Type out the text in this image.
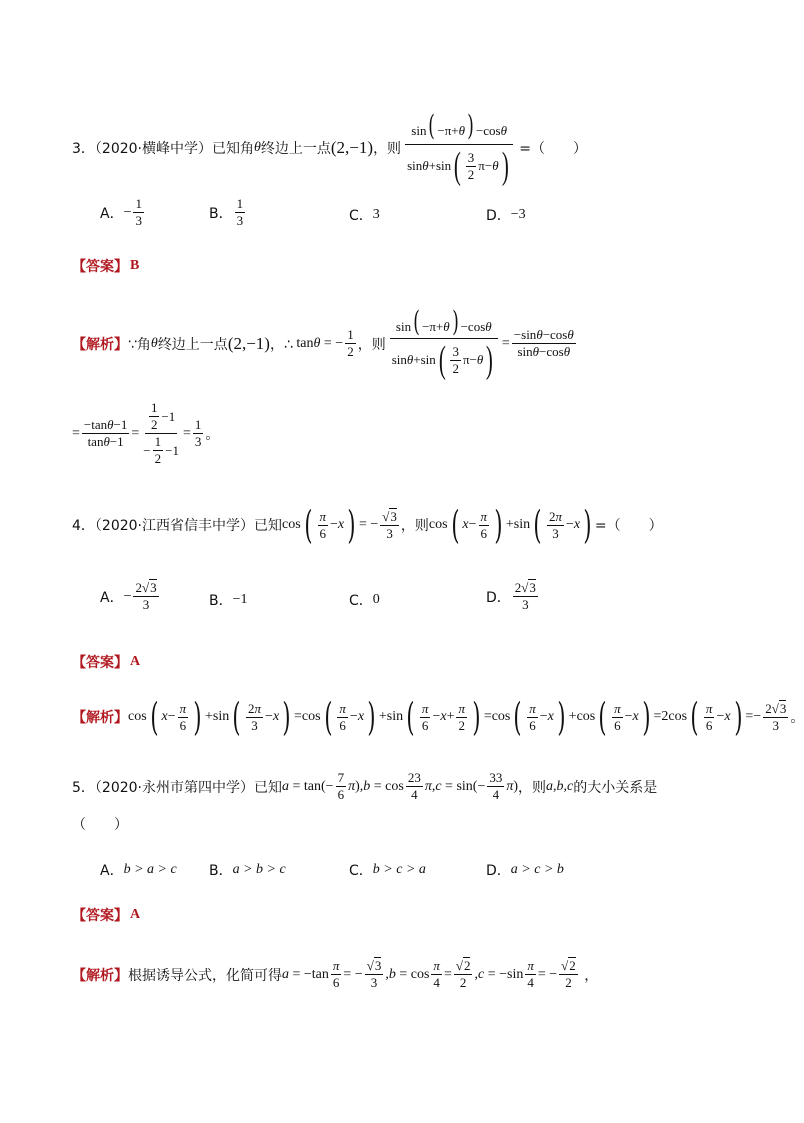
3．（2020·横峰中学）已知角 θ 终边上一点 (2,−1) ，则 $\frac{\sin( -\pi+\theta) -\cos\theta}{\sin \theta +\sin ( \frac{3}{2} \pi- \theta )}$ =（　　）
A． − $\frac{1}{3}$	B． $\frac{1}{3}$	C． 3	D． −3
【答案】 B
【解析】 ∵角 θ 终边上一点 (2,−1) ，∴ tanθ = − $\frac{1}{2}$ ，则 $\frac{\sin( -\pi+\theta) -\cos\theta}{\sin \theta +\sin ( \frac{3}{2} \pi- \theta )} = \frac{-\sin\theta-\cos\theta}{\sin\theta-\cos\theta}$
= $\frac{-\tan\theta-1}{\tan\theta-1} = \frac{\frac{1}{2} -1}{- \frac{1}{2} -1} = \frac{1}{3}$ 。
4．（2020·江西省信丰中学）已知 cos ( $\frac{\pi}{6} -x$ ) = − $\frac{√3}{3}$ ，则 cos ( $x- \frac{\pi}{6}$ ) +sin ( $\frac{2\pi}{3} -x$ ) =（　　）
A． − $\frac{2√3}{3}$	B． −1	C． 0	D． $\frac{2√3}{3}$
【答案】 A
【解析】 cos ( $x- \frac{\pi}{6}$ ) +sin ( $\frac{2\pi}{3} -x$ ) =cos ( $\frac{\pi}{6} -x$ ) +sin ( $\frac{\pi}{6} -x+ \frac{\pi}{2}$ ) =cos ( $\frac{\pi}{6} -x$ ) +cos ( $\frac{\pi}{6} -x$ ) =2cos ( $\frac{\pi}{6} -x$ ) =− $\frac{2√3}{3}$ 。
5．（2020·永州市第四中学）已知 $a = \tan(- \frac{7}{6} \pi),b = \cos \frac{23}{4} \pi,c = \sin(- \frac{33}{4} \pi)$ ，则 a,b,c 的大小关系是
（　　）
A． b > a > c B． a > b > c	C． b > c > a	D． a > c > b
【答案】 A
【解析】 根据诱导公式，化简可得 $a = -\tan \frac{\pi}{6}$ = − $\frac{√3}{3} ,b = \cos \frac{\pi}{4} = \frac{√2}{2} ,c = -\sin \frac{\pi}{4}$ = − $\frac{√2}{2}$ ，
